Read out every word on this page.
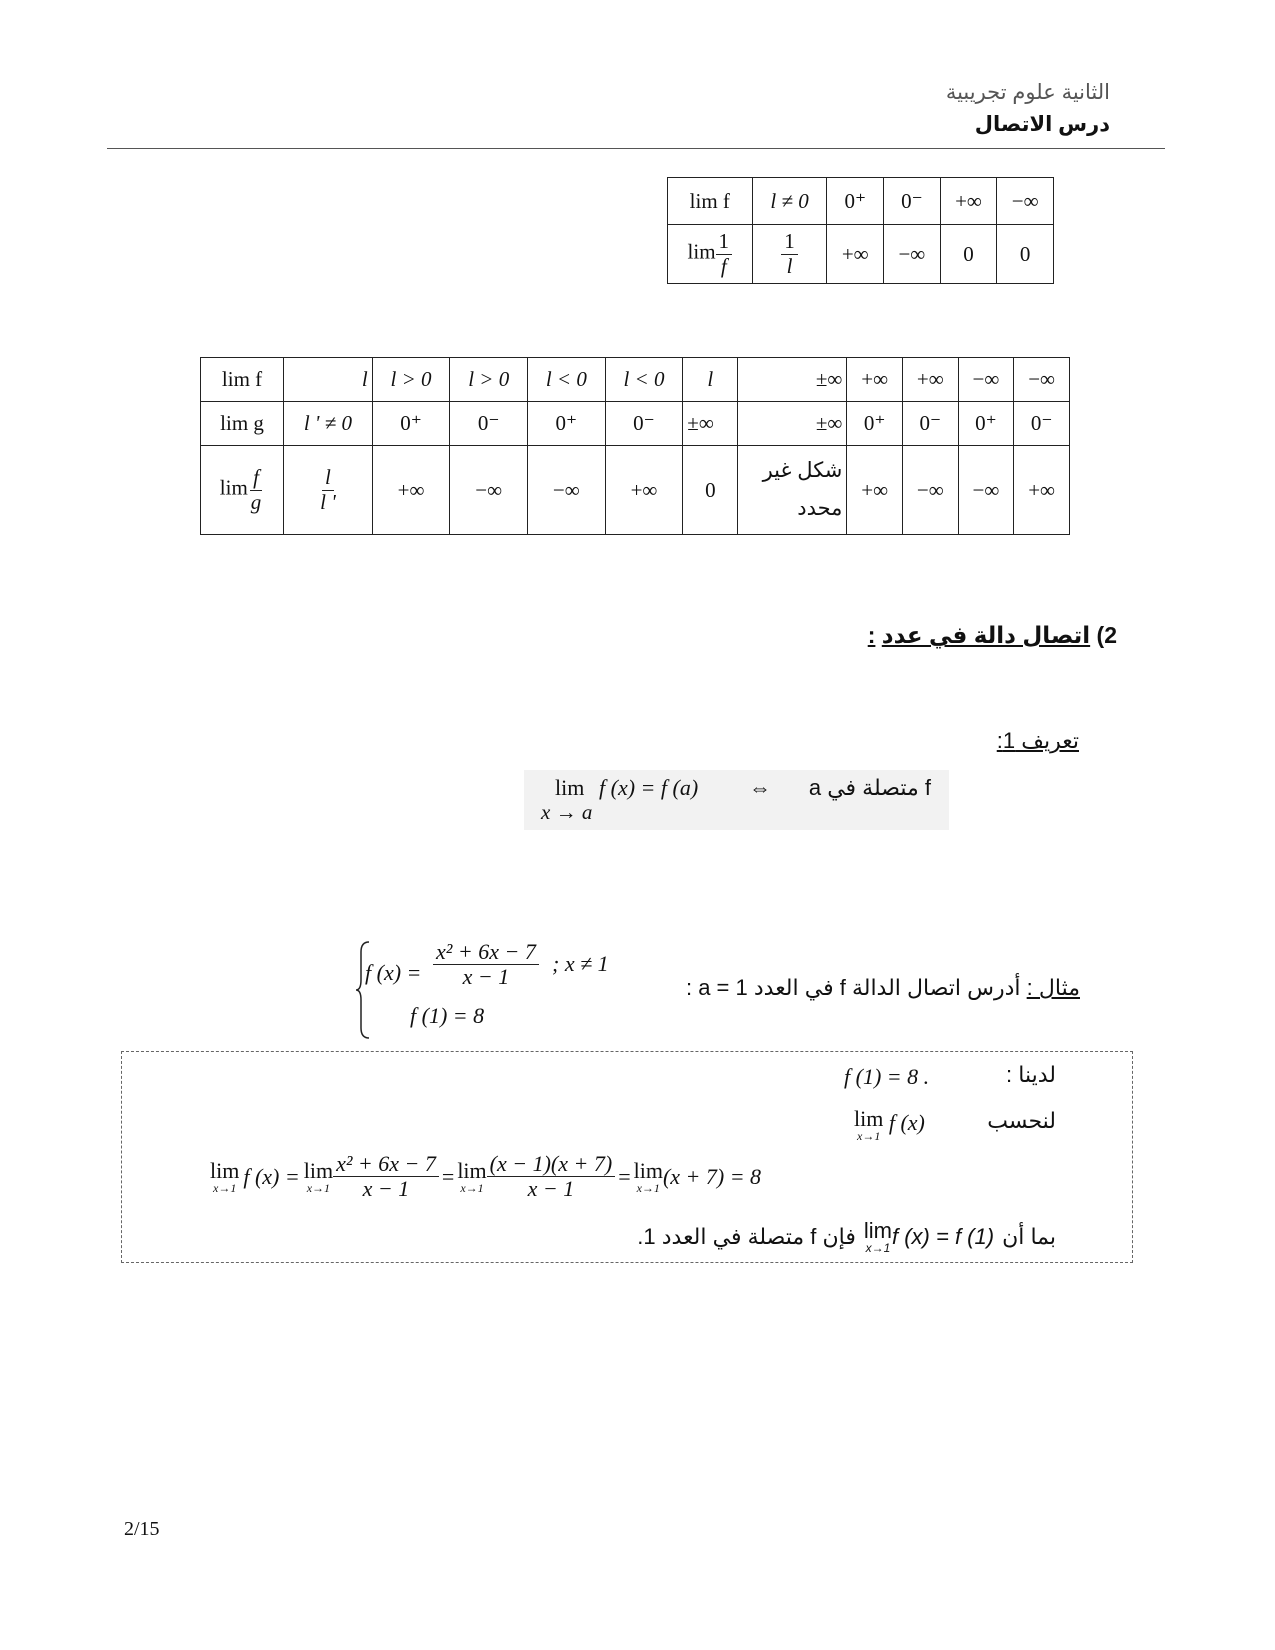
الثانية علوم تجريبية
درس الاتصال
lim f	l ≠ 0	0⁺	0⁻	+∞	−∞
$\lim \frac{1}{f}$	$\frac{1}{l}$	+∞	−∞	0	0
lim f	l	l > 0	l > 0	l < 0	l < 0	l	±∞	+∞	+∞	−∞	−∞
lim g	l ' ≠ 0	0⁺	0⁻	0⁺	0⁻	±∞	±∞	0⁺	0⁻	0⁺	0⁻
$\lim \frac{f}{g}$	$\frac{l}{l '}$	+∞	−∞	−∞	+∞	0	شكل غير محدد	+∞	−∞	−∞	+∞
2) اتصال دالة في عدد :
تعريف 1:
f متصلة في a
⇔
f (x) = f (a)
lim
x → a
مثال : أدرس اتصال الدالة f في العدد a = 1 :
f $(x) = \frac{\text{x² + 6x − 7}}{x - 1}$ ; x ≠ 1
f (1) = 8
لدينا :
f (1) = 8 .
لنحسب
lim
x→1
f (x)
lim
x→1 f (x) = lim
$x\to 1 \frac{\text{x² + 6x − 7}}{x - 1} = \lim$
$x\to 1 \frac{(x - 1)(x + 7)}{x - 1} = \lim$
x→1 (x + 7) = 8
بما أن
lim
x→1 f (x) = f (1)
فإن f متصلة في العدد 1.
2/15
